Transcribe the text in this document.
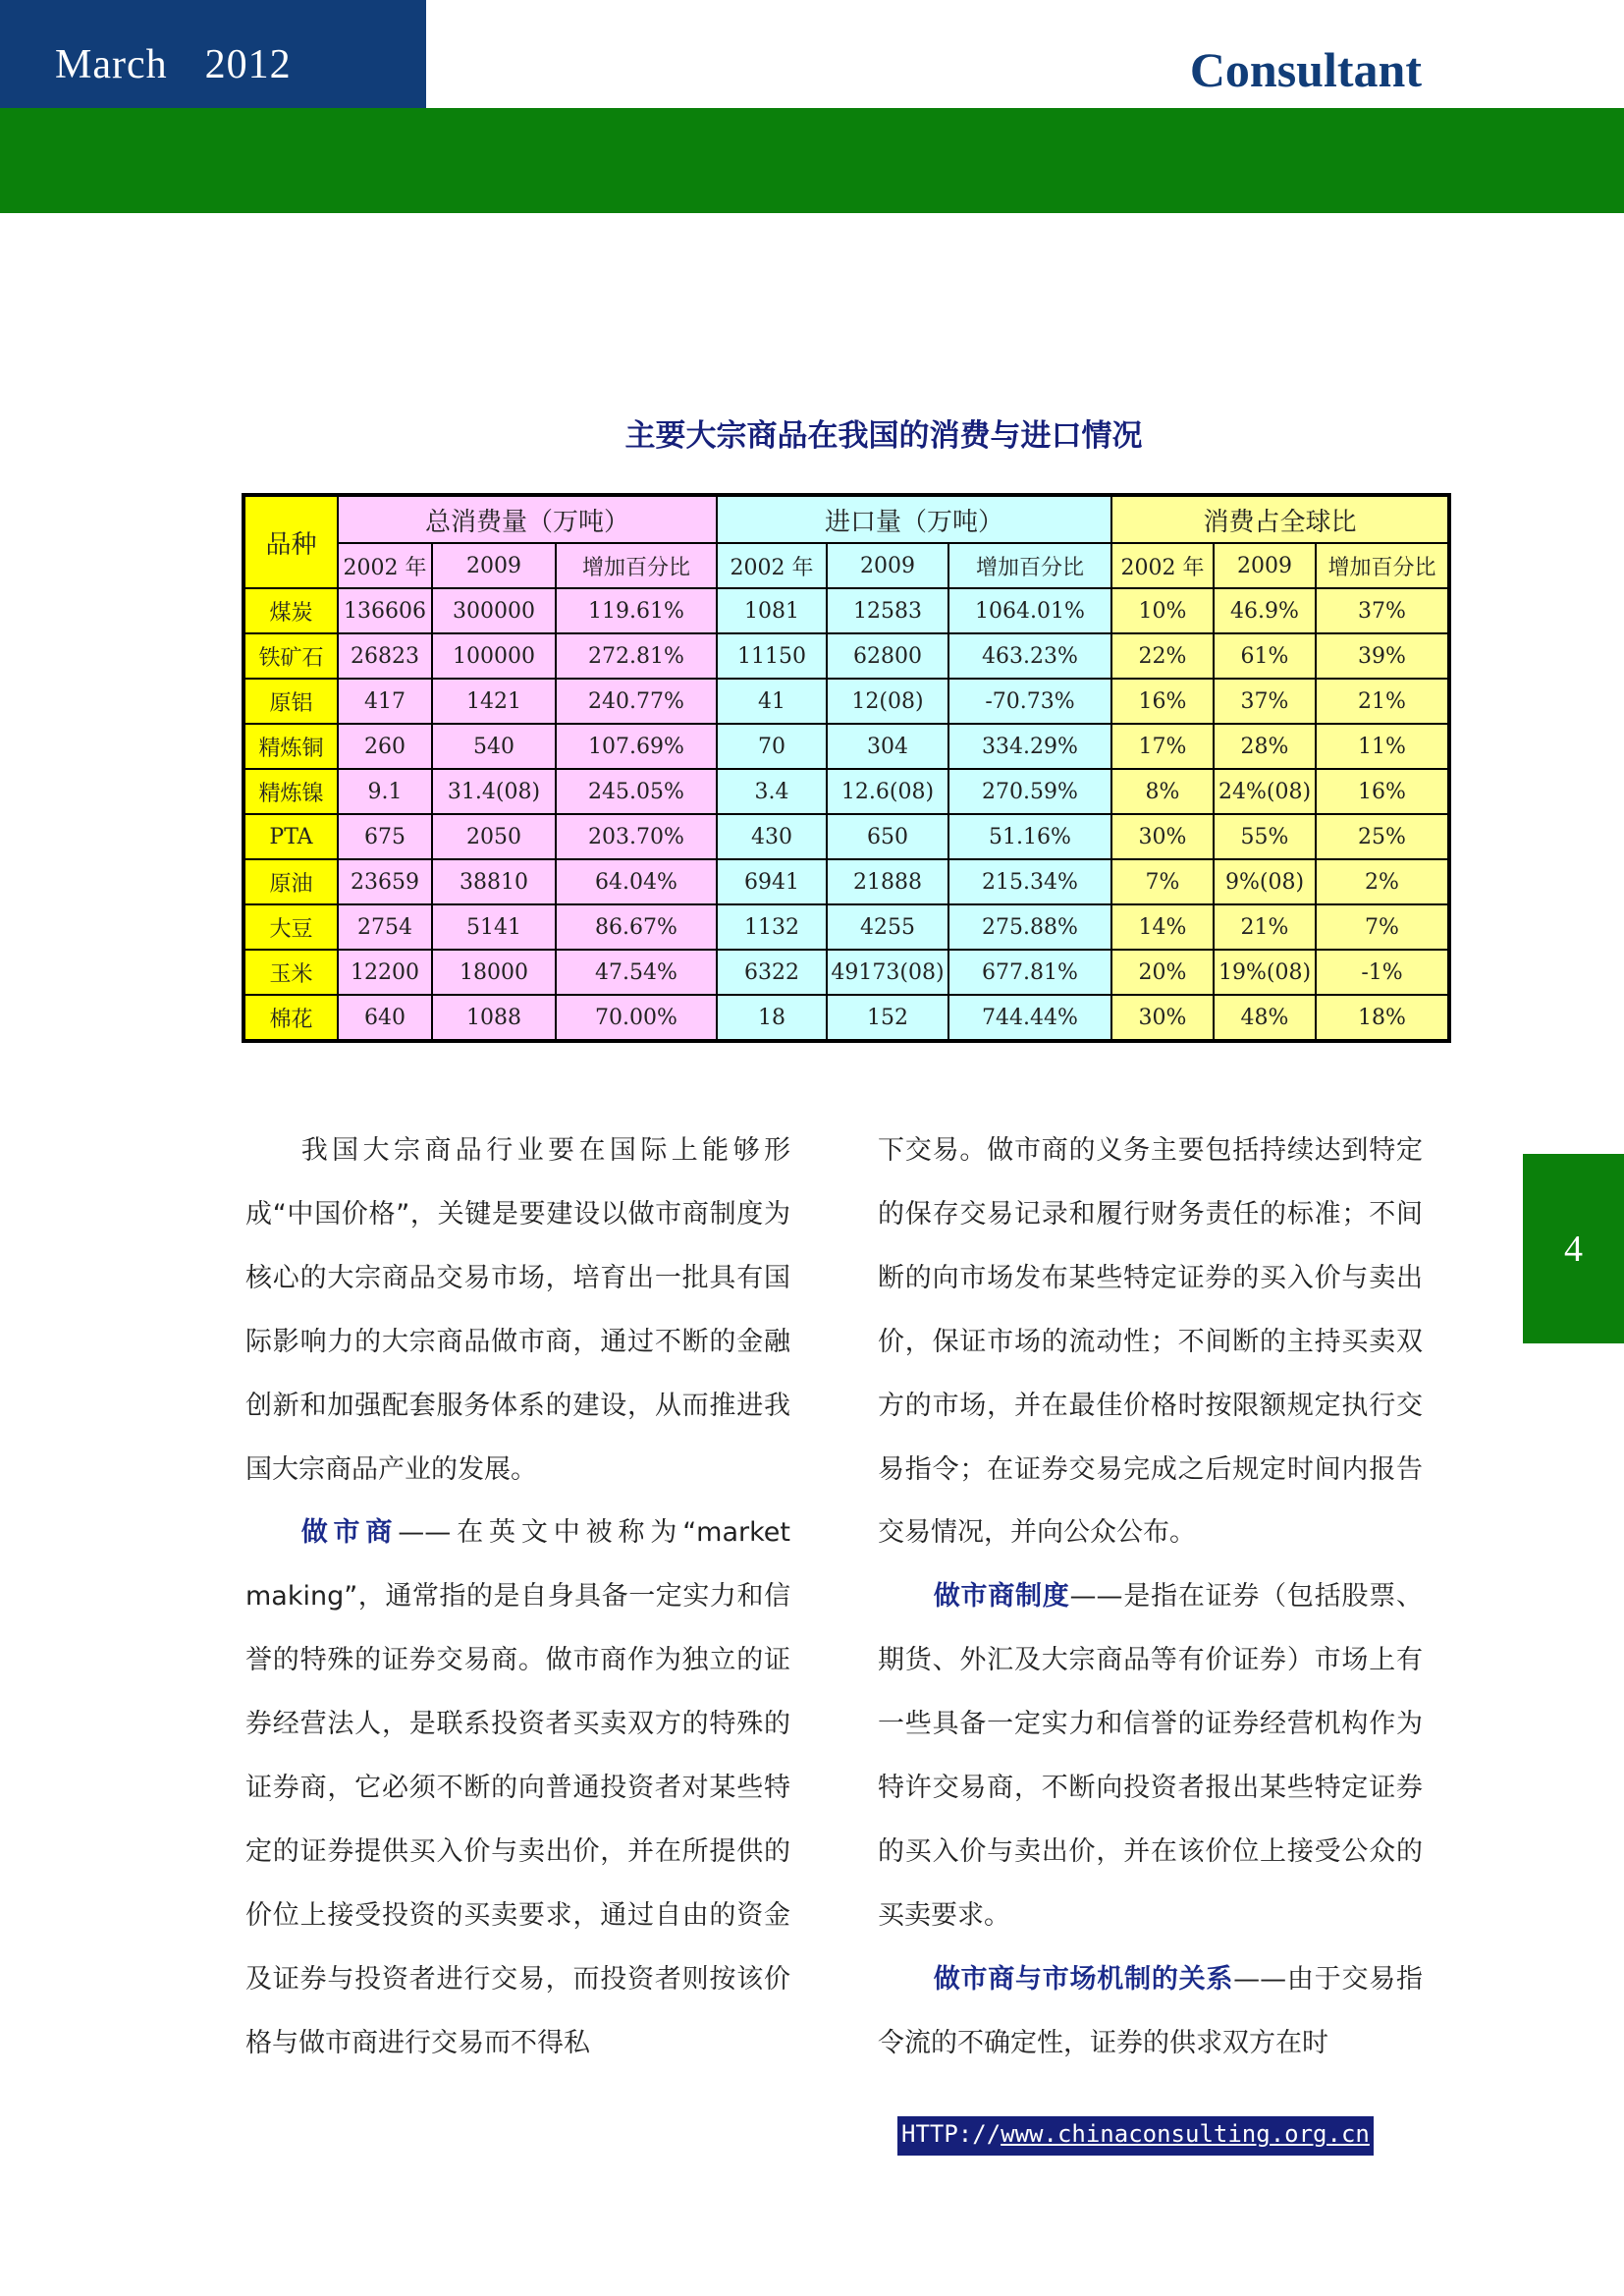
March 2012	Consultant
主要大宗商品在我国的消费与进口情况
品种	总消费量（万吨）			进口量（万吨）			消费占全球比		
	2002 年	2009	增加百分比	2002 年	2009	增加百分比	2002 年	2009	增加百分比
煤炭	136606	300000	119.61%	1081	12583	1064.01%	10%	46.9%	37%
铁矿石	26823	100000	272.81%	11150	62800	463.23%	22%	61%	39%
原铝	417	1421	240.77%	41	12(08)	-70.73%	16%	37%	21%
精炼铜	260	540	107.69%	70	304	334.29%	17%	28%	11%
精炼镍	9.1	31.4(08)	245.05%	3.4	12.6(08)	270.59%	8%	24%(08)	16%
PTA	675	2050	203.70%	430	650	51.16%	30%	55%	25%
原油	23659	38810	64.04%	6941	21888	215.34%	7%	9%(08)	2%
大豆	2754	5141	86.67%	1132	4255	275.88%	14%	21%	7%
玉米	12200	18000	47.54%	6322	49173(08)	677.81%	20%	19%(08)	-1%
棉花	640	1088	70.00%	18	152	744.44%	30%	48%	18%

我国大宗商品行业要在国际上能够形成“中国价格”，关键是要建设以做市商制度为核心的大宗商品交易市场，培育出一批具有国际影响力的大宗商品做市商，通过不断的金融创新和加强配套服务体系的建设，从而推进我国大宗商品产业的发展。

做市商——在英文中被称为“market making”，通常指的是自身具备一定实力和信誉的特殊的证券交易商。做市商作为独立的证券经营法人，是联系投资者买卖双方的特殊的证券商，它必须不断的向普通投资者对某些特定的证券提供买入价与卖出价，并在所提供的价位上接受投资的买卖要求，通过自由的资金及证券与投资者进行交易，而投资者则按该价格与做市商进行交易而不得私

下交易。做市商的义务主要包括持续达到特定的保存交易记录和履行财务责任的标准；不间断的向市场发布某些特定证券的买入价与卖出价，保证市场的流动性；不间断的主持买卖双方的市场，并在最佳价格时按限额规定执行交易指令；在证券交易完成之后规定时间内报告交易情况，并向公众公布。

做市商制度——是指在证券（包括股票、期货、外汇及大宗商品等有价证券）市场上有一些具备一定实力和信誉的证券经营机构作为特许交易商，不断向投资者报出某些特定证券的买入价与卖出价，并在该价位上接受公众的买卖要求。

做市商与市场机制的关系——由于交易指令流的不确定性，证券的供求双方在时

4
HTTP://www.chinaconsulting.org.cn
